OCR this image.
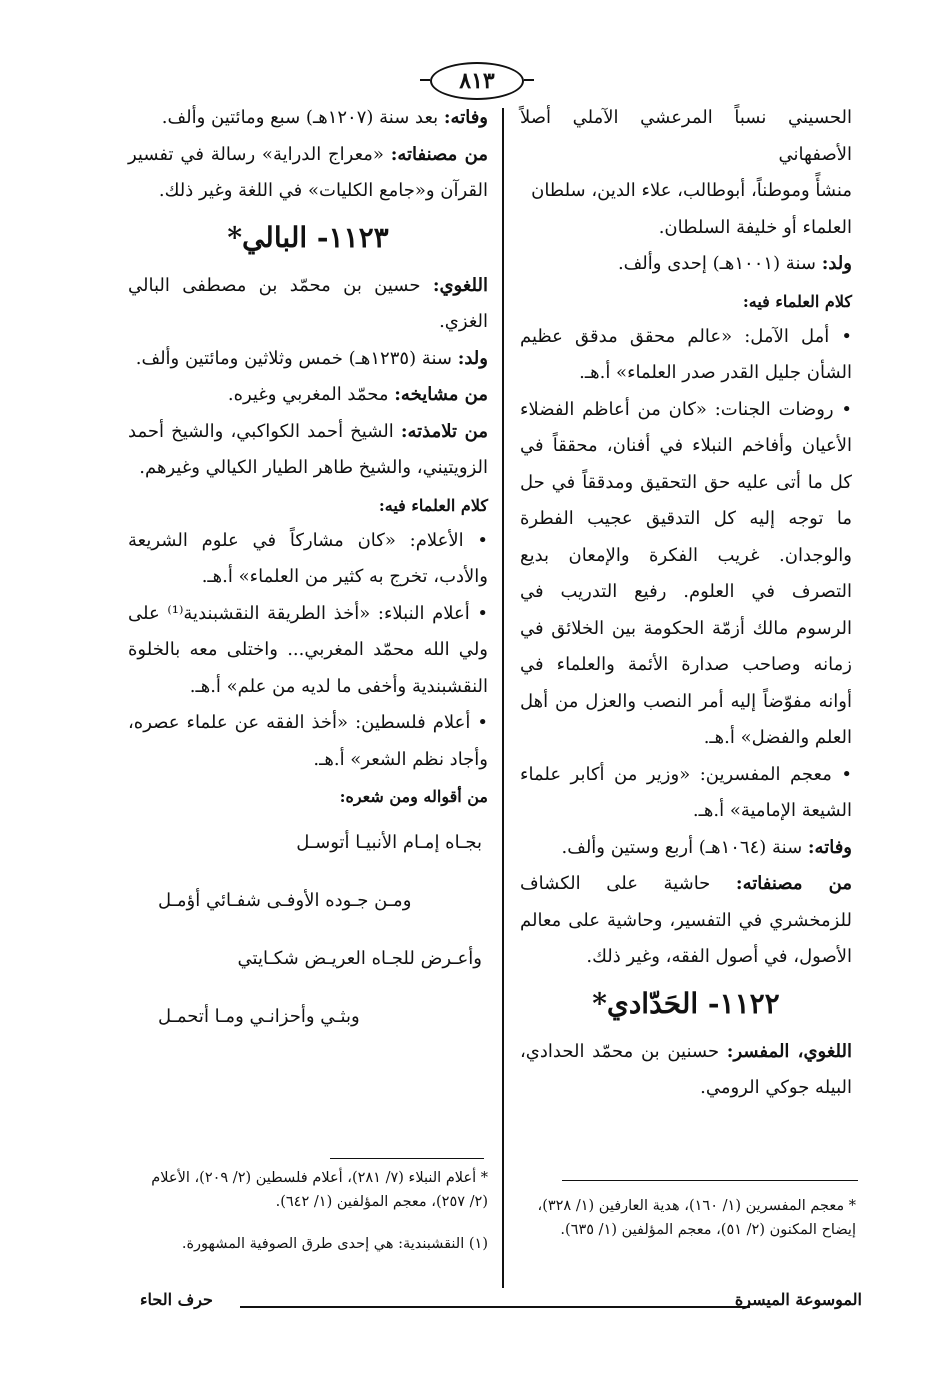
٨١٣

الحسيني نسباً المرعشي الآملي أصلاً الأصفهاني

منشأً وموطناً، أبوطالب، علاء الدين، سلطان

العلماء أو خليفة السلطان.

ولد: سنة (١٠٠١هـ) إحدى وألف.

كلام العلماء فيه:

• أمل الآمل: «عالم محقق مدقق عظيم الشأن جليل القدر صدر العلماء» أ.هـ.

• روضات الجنات: «كان من أعاظم الفضلاء الأعيان وأفاخم النبلاء في أفنان، محققاً في كل ما أتى عليه حق التحقيق ومدققاً في حل ما توجه إليه كل التدقيق عجيب الفطرة والوجدان. غريب الفكرة والإمعان بديع التصرف في العلوم. رفيع التدريب في الرسوم مالك أزمّة الحكومة بين الخلائق في زمانه وصاحب صدارة الأئمة والعلماء في أوانه مفوّضاً إليه أمر النصب والعزل من أهل العلم والفضل» أ.هـ.

• معجم المفسرين: «وزير من أكابر علماء الشيعة الإمامية» أ.هـ.

وفاته: سنة (١٠٦٤هـ) أربع وستين وألف.

من مصنفاته: حاشية على الكشاف للزمخشري في التفسير، وحاشية على معالم الأصول، في أصول الفقه، وغير ذلك.

١١٢٢- الحَدّادي*

اللغوي، المفسر: حسنين بن محمّد الحدادي، البيله جوكي الرومي.

* معجم المفسرين (١/ ١٦٠)، هدية العارفين (١/ ٣٢٨)، إيضاح المكنون (٢/ ٥١)، معجم المؤلفين (١/ ٦٣٥).

وفاته: بعد سنة (١٢٠٧هـ) سبع ومائتين وألف.

من مصنفاته: «معراج الدراية» رسالة في تفسير القرآن و«جامع الكليات» في اللغة وغير ذلك.

١١٢٣- البالي*

اللغوي: حسين بن محمّد بن مصطفى البالي الغزي.

ولد: سنة (١٢٣٥هـ) خمس وثلاثين ومائتين وألف.

من مشايخه: محمّد المغربي وغيره.

من تلامذته: الشيخ أحمد الكواكبي، والشيخ أحمد الزويتيني، والشيخ طاهر الطيار الكيالي وغيرهم.

كلام العلماء فيه:

• الأعلام: «كان مشاركاً في علوم الشريعة والأدب، تخرج به كثير من العلماء» أ.هـ.

• أعلام النبلاء: «أخذ الطريقة النقشبندية⁽¹⁾ على ولي الله محمّد المغربي... واختلى معه بالخلوة النقشبندية وأخفى ما لديه من علم» أ.هـ.

• أعلام فلسطين: «أخذ الفقه عن علماء عصره، وأجاد نظم الشعر» أ.هـ.

من أقواله ومن شعره:

بجـاه إمـام الأنبيـا أتوسـل
ومـن جـوده الأوفـى شفـائي أؤمـل
وأعـرض للجـاه العريـض شكـايتي
وبثـي وأحزانـي ومـا أتحمـل
* أعلام النبلاء (٧/ ٢٨١)، أعلام فلسطين (٢/ ٢٠٩)، الأعلام (٢/ ٢٥٧)، معجم المؤلفين (١/ ٦٤٢).
(١) النقشبندية: هي إحدى طرق الصوفية المشهورة.
الموسوعة الميسرة
حرف الحاء
